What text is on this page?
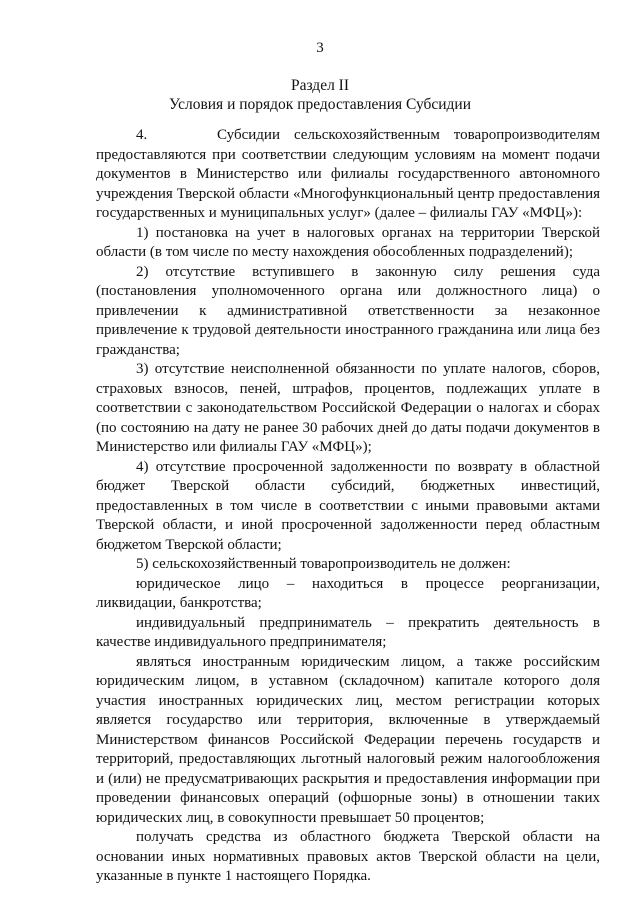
3
Раздел II
Условия и порядок предоставления Субсидии

4.     Субсидии сельскохозяйственным товаропроизводителям предоставляются при соответствии следующим условиям на момент подачи документов в Министерство или филиалы государственного автономного учреждения Тверской области «Многофункциональный центр предоставления государственных и муниципальных услуг» (далее – филиалы ГАУ «МФЦ»):

1) постановка на учет в налоговых органах на территории Тверской области (в том числе по месту нахождения обособленных подразделений);

2) отсутствие вступившего в законную силу решения суда (постановления уполномоченного органа или должностного лица) о привлечении к административной ответственности за незаконное привлечение к трудовой деятельности иностранного гражданина или лица без гражданства;

3) отсутствие неисполненной обязанности по уплате налогов, сборов, страховых взносов, пеней, штрафов, процентов, подлежащих уплате в соответствии с законодательством Российской Федерации о налогах и сборах (по состоянию на дату не ранее 30 рабочих дней до даты подачи документов в Министерство или филиалы ГАУ «МФЦ»);

4) отсутствие просроченной задолженности по возврату в областной бюджет Тверской области субсидий, бюджетных инвестиций, предоставленных в том числе в соответствии с иными правовыми актами Тверской области, и иной просроченной задолженности перед областным бюджетом Тверской области;

5) сельскохозяйственный товаропроизводитель не должен:

юридическое лицо – находиться в процессе реорганизации, ликвидации, банкротства;

индивидуальный предприниматель – прекратить деятельность в качестве индивидуального предпринимателя;

являться иностранным юридическим лицом, а также российским юридическим лицом, в уставном (складочном) капитале которого доля участия иностранных юридических лиц, местом регистрации которых является государство или территория, включенные в утверждаемый Министерством финансов Российской Федерации перечень государств и территорий, предоставляющих льготный налоговый режим налогообложения и (или) не предусматривающих раскрытия и предоставления информации при проведении финансовых операций (офшорные зоны) в отношении таких юридических лиц, в совокупности превышает 50 процентов;

получать средства из областного бюджета Тверской области на основании иных нормативных правовых актов Тверской области на цели, указанные в пункте 1 настоящего Порядка.
